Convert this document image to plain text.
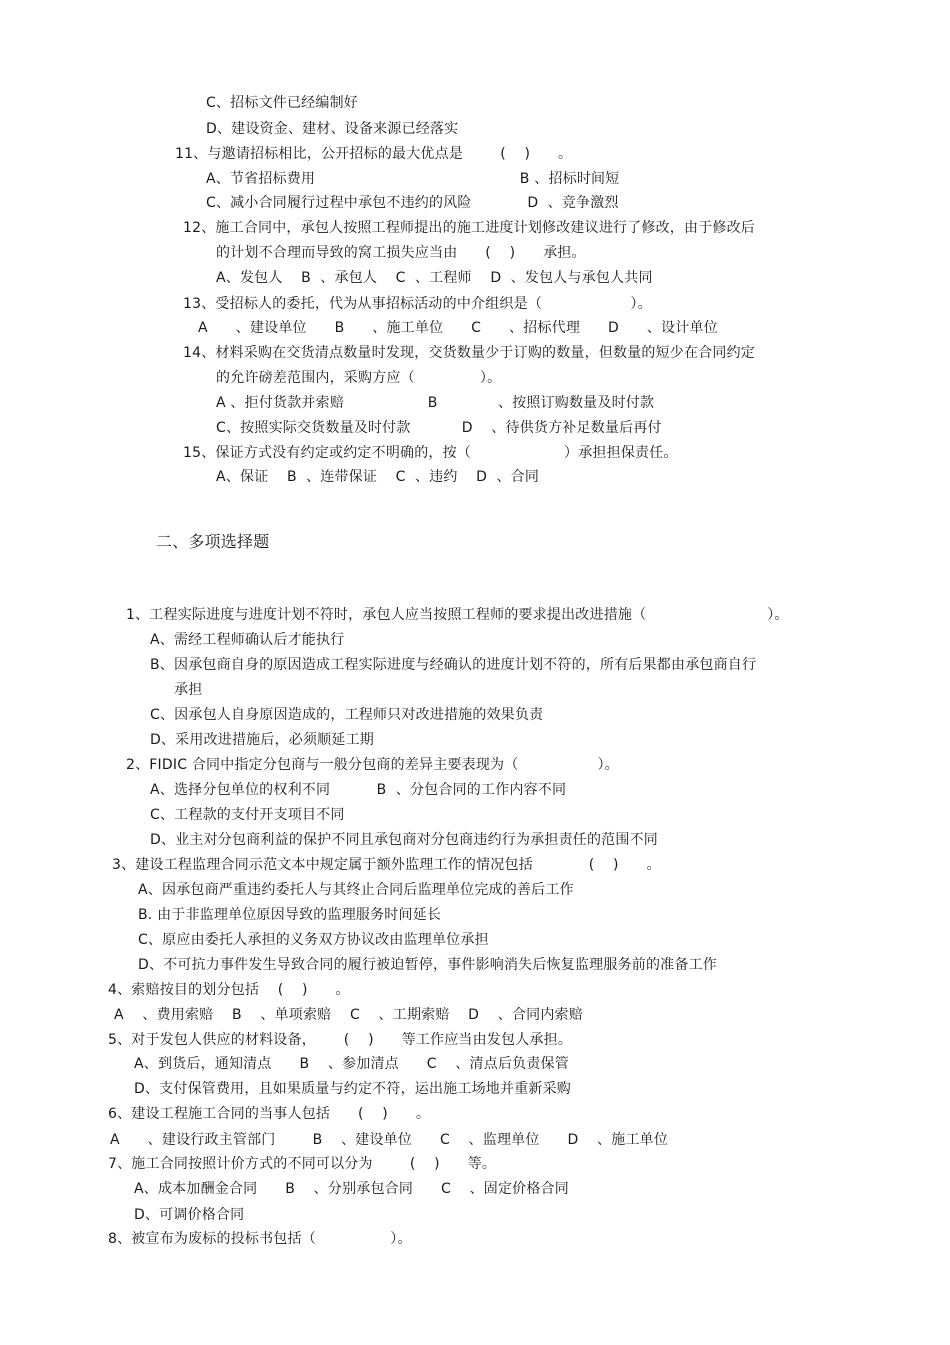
C、招标文件已经编制好
D、建设资金、建材、设备来源已经落实
11、与邀请招标相比，公开招标的最大优点是        (    )      。
A、节省招标费用                                            B 、招标时间短
C、减小合同履行过程中承包不违约的风险            D  、竞争激烈
12、施工合同中，承包人按照工程师提出的施工进度计划修改建议进行了修改，由于修改后
的计划不合理而导致的窝工损失应当由      (    )      承担。
A、发包人    B  、承包人    C  、工程师    D  、发包人与承包人共同
13、受招标人的委托，代为从事招标活动的中介组织是（                   ）。
A      、建设单位      B      、施工单位      C      、招标代理      D      、设计单位
14、材料采购在交货清点数量时发现，交货数量少于订购的数量，但数量的短少在合同约定
的允许磅差范围内，采购方应（              ）。
A 、拒付货款并索赔                  B             、按照订购数量及时付款
C、按照实际交货数量及时付款           D    、待供货方补足数量后再付
15、保证方式没有约定或约定不明确的，按（                    ）承担担保责任。
A、保证    B  、连带保证    C  、违约    D  、合同
二、多项选择题
1、工程实际进度与进度计划不符时，承包人应当按照工程师的要求提出改进措施（                          ）。
A、需经工程师确认后才能执行
B、因承包商自身的原因造成工程实际进度与经确认的进度计划不符的，所有后果都由承包商自行
承担
C、因承包人自身原因造成的，工程师只对改进措施的效果负责
D、采用改进措施后，必须顺延工期
2、FIDIC 合同中指定分包商与一般分包商的差异主要表现为（                 ）。
A、选择分包单位的权利不同          B  、分包合同的工作内容不同
C、工程款的支付开支项目不同
D、业主对分包商利益的保护不同且承包商对分包商违约行为承担责任的范围不同
3、建设工程监理合同示范文本中规定属于额外监理工作的情况包括            (    )      。
A、因承包商严重违约委托人与其终止合同后监理单位完成的善后工作
B. 由于非监理单位原因导致的监理服务时间延长
C、原应由委托人承担的义务双方协议改由监理单位承担
D、不可抗力事件发生导致合同的履行被迫暂停，事件影响消失后恢复监理服务前的准备工作
4、索赔按目的划分包括    (    )      。
A    、费用索赔    B    、单项索赔    C    、工期索赔    D    、合同内索赔
5、对于发包人供应的材料设备，      (    )      等工作应当由发包人承担。
A、到货后，通知清点      B    、参加清点      C    、清点后负责保管
D、支付保管费用，且如果质量与约定不符，运出施工场地并重新采购
6、建设工程施工合同的当事人包括      (    )      。
A      、建设行政主管部门        B    、建设单位      C    、监理单位      D    、施工单位
7、施工合同按照计价方式的不同可以分为        (    )      等。
A、成本加酬金合同      B    、分别承包合同      C    、固定价格合同
D、可调价格合同
8、被宣布为废标的投标书包括（                ）。
